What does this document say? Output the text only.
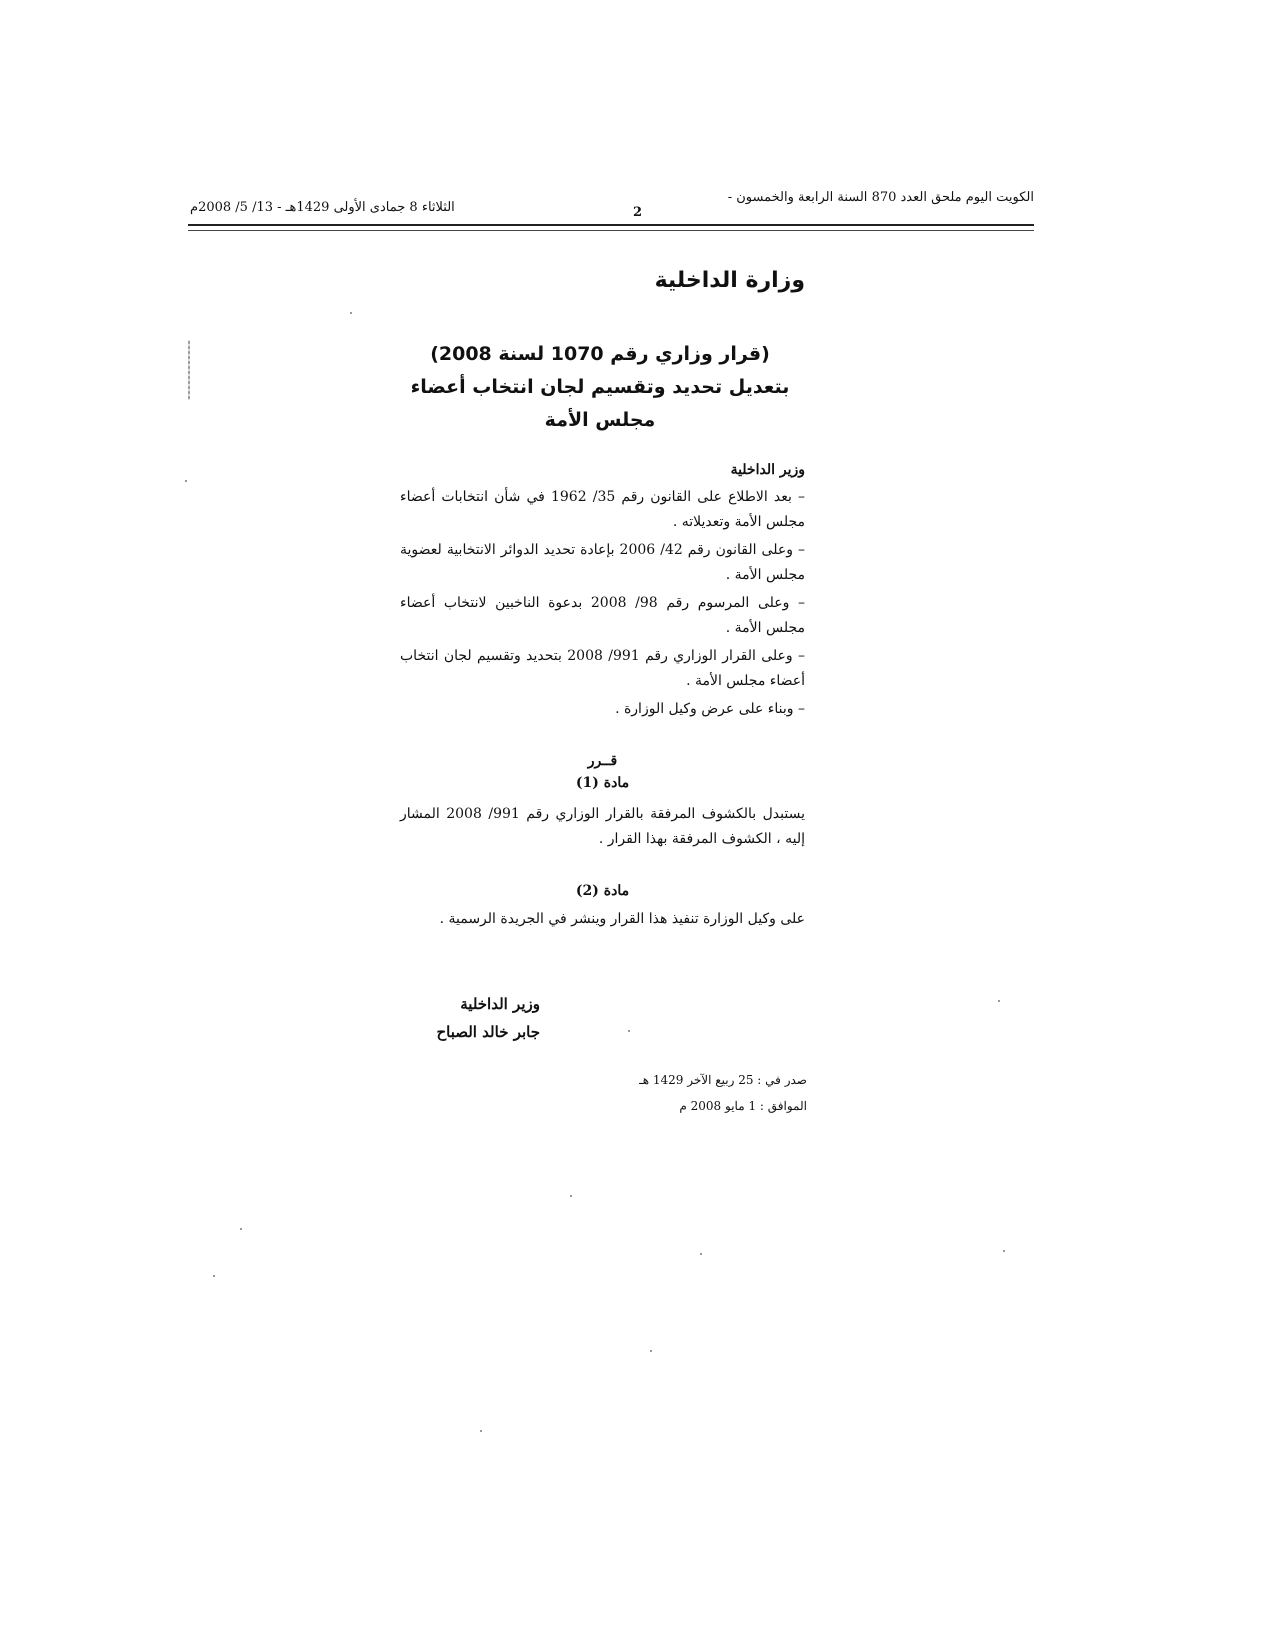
الكويت اليوم ملحق العدد 870 السنة الرابعة والخمسون -
2
الثلاثاء 8 جمادى الأولى 1429هـ - 13/ 5/ 2008م
وزارة الداخلية
(قرار وزاري رقم 1070 لسنة 2008)
بتعديل تحديد وتقسيم لجان انتخاب أعضاء
مجلس الأمة
وزير الداخلية

– بعد الاطلاع على القانون رقم 35/ 1962 في شأن انتخابات أعضاء مجلس الأمة وتعديلاته .

– وعلى القانون رقم 42/ 2006 بإعادة تحديد الدوائر الانتخابية لعضوية مجلس الأمة .

– وعلى المرسوم رقم 98/ 2008 بدعوة الناخبين لانتخاب أعضاء مجلس الأمة .

– وعلى القرار الوزاري رقم 991/ 2008 بتحديد وتقسيم لجان انتخاب أعضاء مجلس الأمة .

– وبناء على عرض وكيل الوزارة .

قــرر
مادة (1)
يستبدل بالكشوف المرفقة بالقرار الوزاري رقم 991/ 2008 المشار إليه ، الكشوف المرفقة بهذا القرار .
مادة (2)
على وكيل الوزارة تنفيذ هذا القرار وينشر في الجريدة الرسمية .
وزير الداخلية
جابر خالد الصباح
صدر في : 25 ربيع الآخر 1429 هـ
الموافق : 1 مايو 2008 م
